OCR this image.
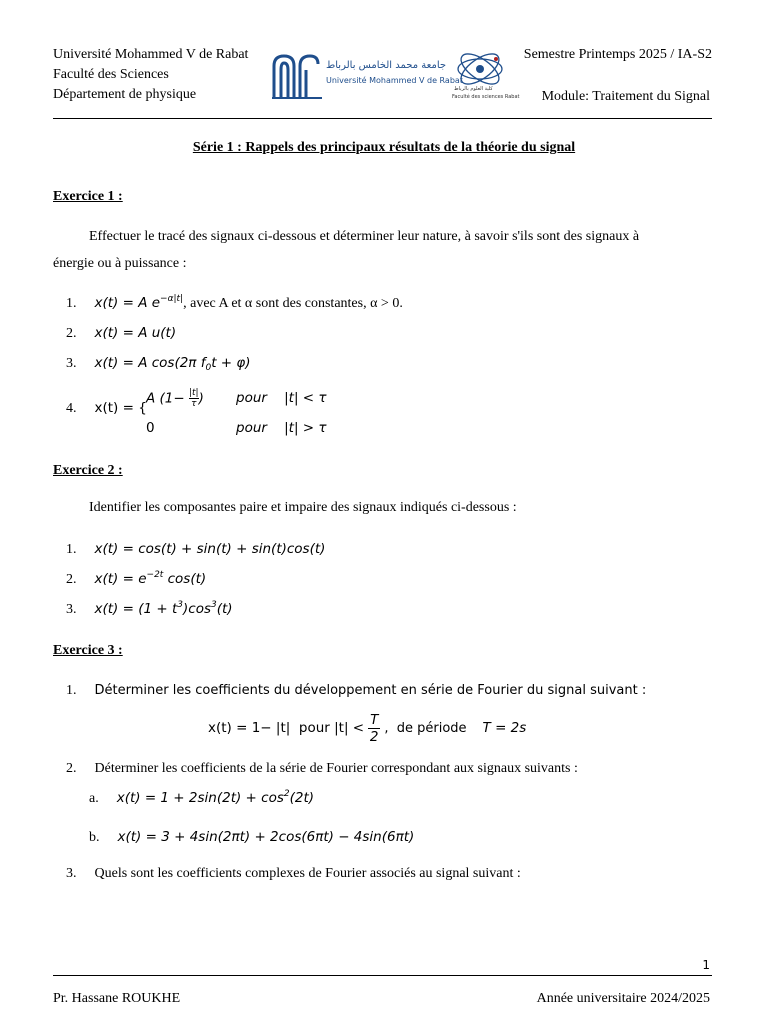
Université Mohammed V de Rabat
Faculté des Sciences
Département de physique
جامعة محمد الخامس بالرباط
Université Mohammed V de Rabat
كلية العلوم بالرباط
Faculté des sciences Rabat
Semestre Printemps 2025 / IA-S2
Module: Traitement du Signal
Série 1 : Rappels des principaux résultats de la théorie du signal
Exercice 1 :
Effectuer le tracé des signaux ci-dessous et déterminer leur nature, à savoir s'ils sont des signaux à
énergie ou à puissance :
1. x(t) = A $e^{-\alpha|t|}$, avec A et α sont des constantes, α > 0.
2. x(t) = A u(t)
3. x(t) = A cos(2π f0t + φ)
4. x(t) = {
A ($1- \frac{|t|}{\tau}$ ) pour    |t| < τ
0	pour    |t| > τ
Exercice 2 :
Identifier les composantes paire et impaire des signaux indiqués ci-dessous :
1. x(t) = cos(t) + sin(t) + sin(t)cos(t)
2. $x(t) = e^{-2t}$ cos(t)
3. $x(t) = (1 + t^3)\cos^3(t)$
Exercice 3 :
1. Déterminer les coefficients du développement en série de Fourier du signal suivant :
x(t) = 1− |t|  pour $|t| < \frac{T}{2}$ ,  de période T = 2s
2. Déterminer les coefficients de la série de Fourier correspondant aux signaux suivants :
a. $x(t) = 1 + 2\sin(2t) + \cos^2(2t)$
b. x(t) = 3 + 4sin(2πt) + 2cos(6πt) − 4sin(6πt)
3. Quels sont les coefficients complexes de Fourier associés au signal suivant :
1
Pr. Hassane ROUKHE	Année universitaire 2024/2025
